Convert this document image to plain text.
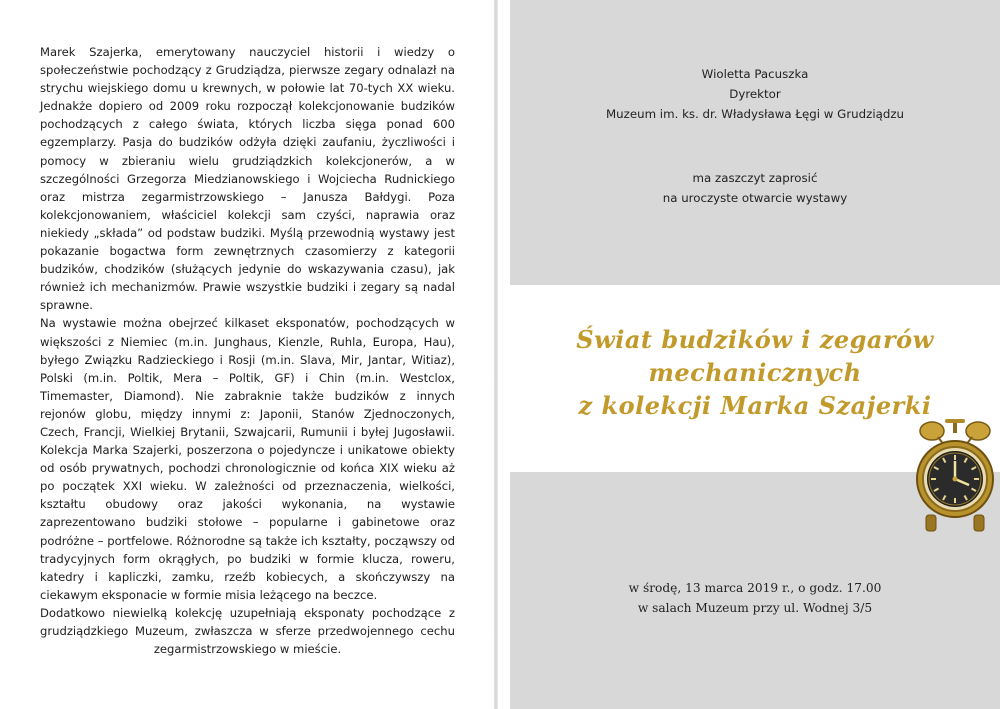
Marek Szajerka, emerytowany nauczyciel historii i wiedzy o społeczeństwie pochodzący z Grudziądza, pierwsze zegary odnalazł na strychu wiejskiego domu u krewnych, w połowie lat 70-tych XX wieku. Jednakże dopiero od 2009 roku rozpoczął kolekcjonowanie budzików pochodzących z całego świata, których liczba sięga ponad 600 egzemplarzy. Pasja do budzików odżyła dzięki zaufaniu, życzliwości i pomocy w zbieraniu wielu grudziądzkich kolekcjonerów, a w szczególności Grzegorza Miedzianowskiego i Wojciecha Rudnickiego oraz mistrza zegarmistrzowskiego – Janusza Bałdygi. Poza kolekcjonowaniem, właściciel kolekcji sam czyści, naprawia oraz niekiedy „składa” od podstaw budziki. Myślą przewodnią wystawy jest pokazanie bogactwa form zewnętrznych czasomierzy z kategorii budzików, chodzików (służących jedynie do wskazywania czasu), jak również ich mechanizmów. Prawie wszystkie budziki i zegary są nadal sprawne.

Na wystawie można obejrzeć kilkaset eksponatów, pochodzących w większości z Niemiec (m.in. Junghaus, Kienzle, Ruhla, Europa, Hau), byłego Związku Radzieckiego i Rosji (m.in. Slava, Mir, Jantar, Witiaz), Polski (m.in. Poltik, Mera – Poltik, GF) i Chin (m.in. Westclox, Timemaster, Diamond). Nie zabraknie także budzików z innych rejonów globu, między innymi z: Japonii, Stanów Zjednoczonych, Czech, Francji, Wielkiej Brytanii, Szwajcarii, Rumunii i byłej Jugosławii. Kolekcja Marka Szajerki, poszerzona o pojedyncze i unikatowe obiekty od osób prywatnych, pochodzi chronologicznie od końca XIX wieku aż po początek XXI wieku. W zależności od przeznaczenia, wielkości, kształtu obudowy oraz jakości wykonania, na wystawie zaprezentowano budziki stołowe – popularne i gabinetowe oraz podróżne – portfelowe. Różnorodne są także ich kształty, począwszy od tradycyjnych form okrągłych, po budziki w formie klucza, roweru, katedry i kapliczki, zamku, rzeźb kobiecych, a skończywszy na ciekawym eksponacie w formie misia leżącego na beczce.

Dodatkowo niewielką kolekcję uzupełniają eksponaty pochodzące z grudziądzkiego Muzeum, zwłaszcza w sferze przedwojennego cechu zegarmistrzowskiego w mieście.

Wioletta Pacuszka
Dyrektor
Muzeum im. ks. dr. Władysława Łęgi w Grudziądzu
ma zaszczyt zaprosić
na uroczyste otwarcie wystawy
Świat budzików i zegarów
mechanicznych
z kolekcji Marka Szajerki
w środę, 13 marca 2019 r., o godz. 17.00
w salach Muzeum przy ul. Wodnej 3/5
